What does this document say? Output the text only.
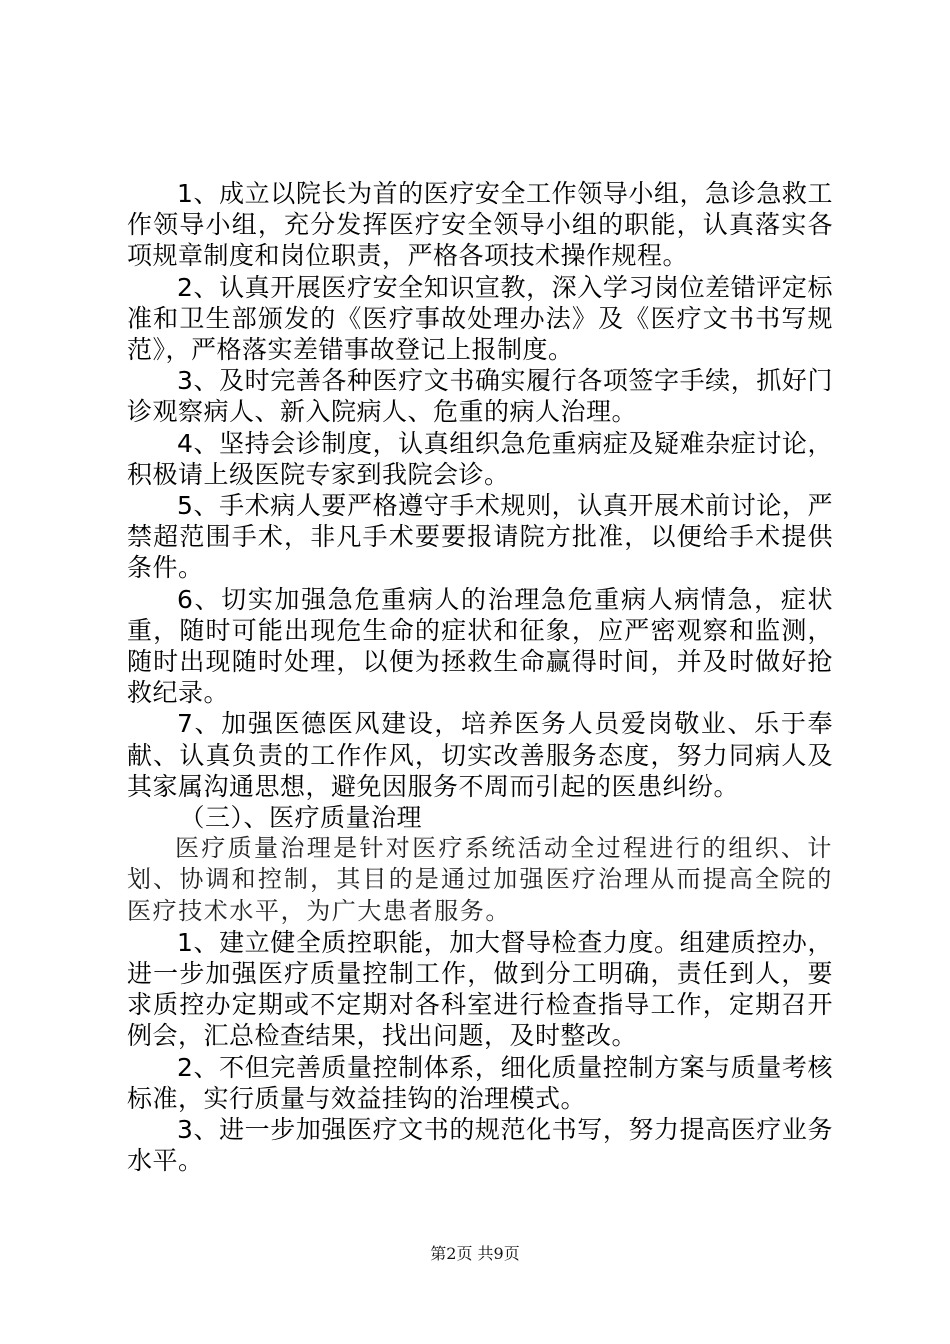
1、成立以院长为首的医疗安全工作领导小组，急诊急救工作领导小组，充分发挥医疗安全领导小组的职能，认真落实各项规章制度和岗位职责，严格各项技术操作规程。

2、认真开展医疗安全知识宣教，深入学习岗位差错评定标准和卫生部颁发的《医疗事故处理办法》及《医疗文书书写规范》，严格落实差错事故登记上报制度。

3、及时完善各种医疗文书确实履行各项签字手续，抓好门诊观察病人、新入院病人、危重的病人治理。

4、坚持会诊制度，认真组织急危重病症及疑难杂症讨论，积极请上级医院专家到我院会诊。

5、手术病人要严格遵守手术规则，认真开展术前讨论，严禁超范围手术，非凡手术要要报请院方批准，以便给手术提供条件。

6、切实加强急危重病人的治理急危重病人病情急，症状重，随时可能出现危生命的症状和征象，应严密观察和监测，随时出现随时处理，以便为拯救生命赢得时间，并及时做好抢救纪录。

7、加强医德医风建设，培养医务人员爱岗敬业、乐于奉献、认真负责的工作作风，切实改善服务态度，努力同病人及其家属沟通思想，避免因服务不周而引起的医患纠纷。

（三）、医疗质量治理

医疗质量治理是针对医疗系统活动全过程进行的组织、计划、协调和控制，其目的是通过加强医疗治理从而提高全院的医疗技术水平，为广大患者服务。

1、建立健全质控职能，加大督导检查力度。组建质控办，进一步加强医疗质量控制工作，做到分工明确，责任到人，要求质控办定期或不定期对各科室进行检查指导工作，定期召开例会，汇总检查结果，找出问题，及时整改。

2、不但完善质量控制体系，细化质量控制方案与质量考核标准，实行质量与效益挂钩的治理模式。

3、进一步加强医疗文书的规范化书写，努力提高医疗业务水平。

第2页 共9页
